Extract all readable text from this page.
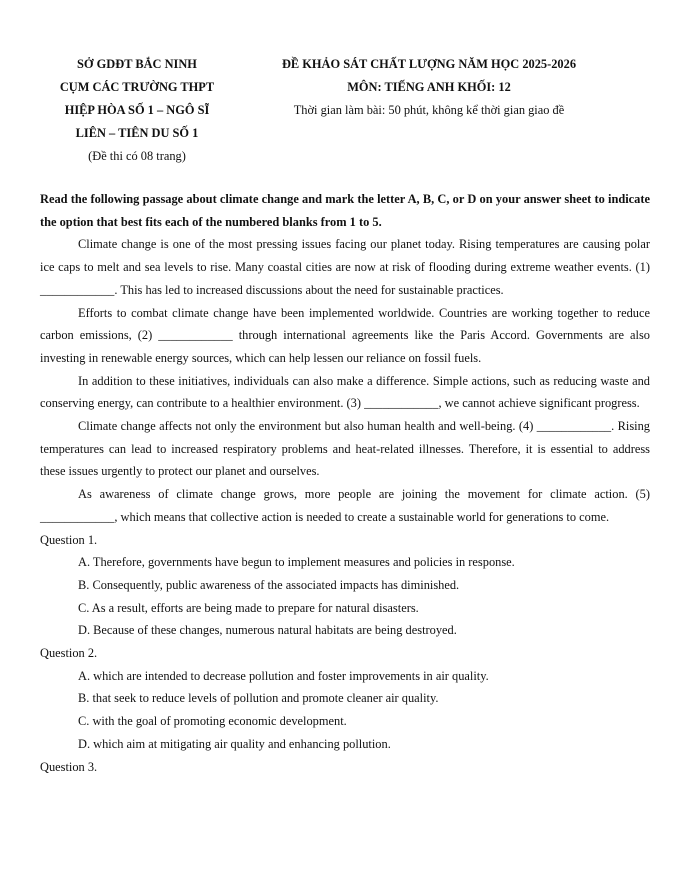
SỞ GDĐT BẮC NINH
CỤM CÁC TRƯỜNG THPT
HIỆP HÒA SỐ 1 – NGÔ SĨ
LIÊN – TIÊN DU SỐ 1
(Đề thi có 08 trang)
ĐỀ KHẢO SÁT CHẤT LƯỢNG NĂM HỌC 2025-2026
MÔN: TIẾNG ANH KHỐI: 12
Thời gian làm bài: 50 phút, không kể thời gian giao đề

Read the following passage about climate change and mark the letter A, B, C, or D on your answer sheet to indicate the option that best fits each of the numbered blanks from 1 to 5.

Climate change is one of the most pressing issues facing our planet today. Rising temperatures are causing polar ice caps to melt and sea levels to rise. Many coastal cities are now at risk of flooding during extreme weather events. (1) ____________. This has led to increased discussions about the need for sustainable practices.

Efforts to combat climate change have been implemented worldwide. Countries are working together to reduce carbon emissions, (2) ____________ through international agreements like the Paris Accord. Governments are also investing in renewable energy sources, which can help lessen our reliance on fossil fuels.

In addition to these initiatives, individuals can also make a difference. Simple actions, such as reducing waste and conserving energy, can contribute to a healthier environment. (3) ____________, we cannot achieve significant progress.

Climate change affects not only the environment but also human health and well-being. (4) ____________. Rising temperatures can lead to increased respiratory problems and heat-related illnesses. Therefore, it is essential to address these issues urgently to protect our planet and ourselves.

As awareness of climate change grows, more people are joining the movement for climate action. (5) ____________, which means that collective action is needed to create a sustainable world for generations to come.

Question 1.

A. Therefore, governments have begun to implement measures and policies in response.

B. Consequently, public awareness of the associated impacts has diminished.

C. As a result, efforts are being made to prepare for natural disasters.

D. Because of these changes, numerous natural habitats are being destroyed.

Question 2.

A. which are intended to decrease pollution and foster improvements in air quality.

B. that seek to reduce levels of pollution and promote cleaner air quality.

C. with the goal of promoting economic development.

D. which aim at mitigating air quality and enhancing pollution.

Question 3.
